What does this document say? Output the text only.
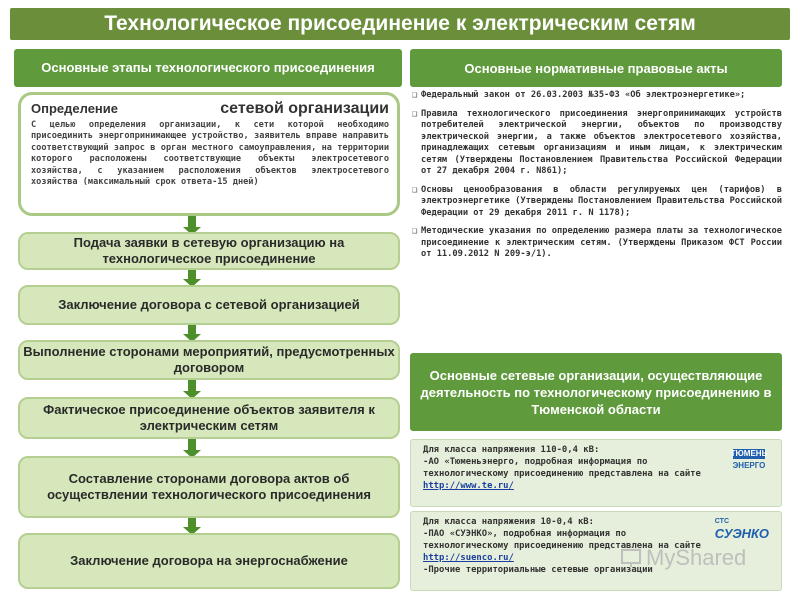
Технологическое присоединение к электрическим сетям
Основные этапы технологического присоединения
Определение	сетевой организации
С целью определения организации, к сети которой необходимо присоединить энергопринимающее устройство, заявитель вправе направить соответствующий запрос в орган местного самоуправления, на территории которого расположены соответствующие объекты электросетевого хозяйства, с указанием расположения объектов электросетевого хозяйства (максимальный срок ответа-15 дней)
Подача заявки в сетевую организацию на технологическое присоединение
Заключение договора с сетевой организацией
Выполнение сторонами мероприятий, предусмотренных договором
Фактическое присоединение объектов заявителя к электрическим сетям
Составление сторонами договора актов об осуществлении технологического присоединения
Заключение договора на энергоснабжение
Основные нормативные правовые акты
❑ Федеральный закон от 26.03.2003 №35-ФЗ «Об электроэнергетике»;
❑ Правила технологического присоединения энергопринимающих устройств потребителей электрической энергии, объектов по производству электрической энергии, а также объектов электросетевого хозяйства, принадлежащих сетевым организациям и иным лицам, к электрическим сетям (Утверждены Постановлением Правительства Российской Федерации от 27 декабря 2004 г. N861);
❑ Основы ценообразования в области регулируемых цен (тарифов) в электроэнергетике (Утверждены Постановлением Правительства Российской Федерации от 29 декабря 2011 г. N 1178);
❑ Методические указания по определению размера платы за технологическое присоединение к электрическим сетям. (Утверждены Приказом ФСТ России от 11.09.2012 N 209-э/1).
Основные сетевые организации, осуществляющие деятельность по технологическому присоединению в Тюменской области
Для класса напряжения 110-0,4 кВ:
-АО «Тюменьэнерго, подробная информация по технологическому присоединению представлена на сайте http://www.te.ru/
ТЮМЕНЬ
ЭНЕРГО
Для класса напряжения 10-0,4 кВ:
-ПАО «СУЭНКО», подробная информация по технологическому присоединению представлена на сайте http://suenco.ru/
-Прочие территориальные сетевые организации
СТС
СУЭНКО
MyShared
